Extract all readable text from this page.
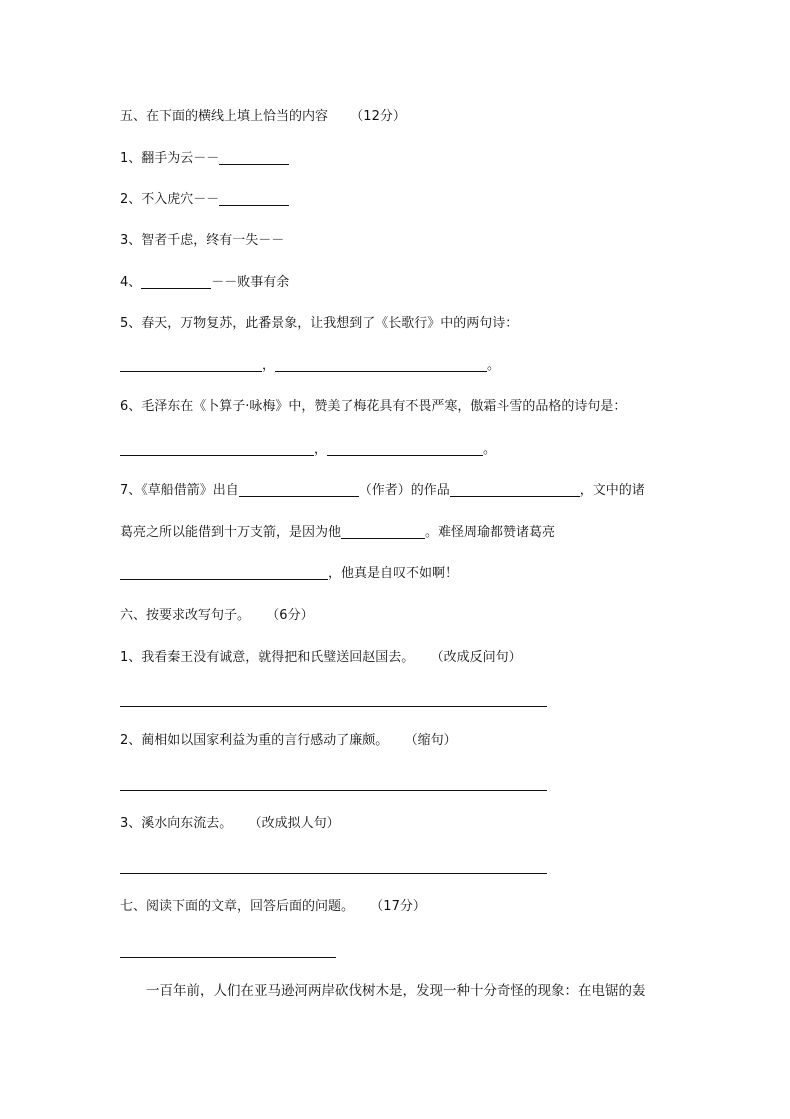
五、在下面的横线上填上恰当的内容 （12分）
1、翻手为云－－
2、不入虎穴－－
3、智者千虑，终有一失－－
4、	－－败事有余
5、春天，万物复苏，此番景象，让我想到了《长歌行》中的两句诗：
，	。
6、毛泽东在《卜算子·咏梅》中，赞美了梅花具有不畏严寒，傲霜斗雪的品格的诗句是：
，	。
7、《草船借箭》出自	（作者）的作品	，文中的诸
葛亮之所以能借到十万支箭，是因为他	。难怪周瑜都赞诸葛亮
，他真是自叹不如啊！
六、按要求改写句子。 （6分）
1、我看秦王没有诚意，就得把和氏璧送回赵国去。 （改成反问句）
2、蔺相如以国家利益为重的言行感动了廉颇。 （缩句）
3、溪水向东流去。 （改成拟人句）
七、阅读下面的文章，回答后面的问题。 （17分）
一百年前，人们在亚马逊河两岸砍伐树木是，发现一种十分奇怪的现象：在电锯的轰
